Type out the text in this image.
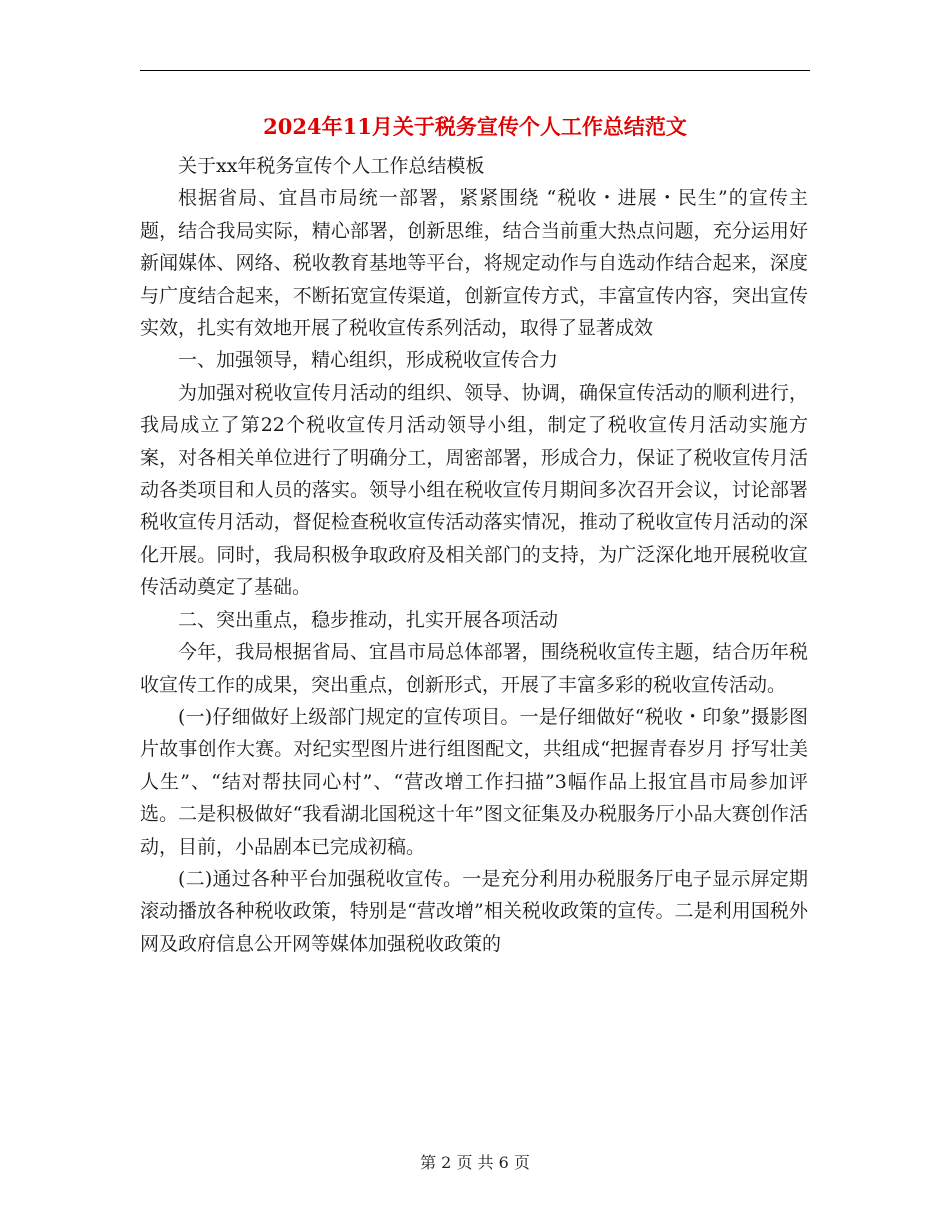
2024年11月关于税务宣传个人工作总结范文

关于xx年税务宣传个人工作总结模板

根据省局、宜昌市局统一部署，紧紧围绕 “税收・进展・民生”的宣传主题，结合我局实际，精心部署，创新思维，结合当前重大热点问题，充分运用好新闻媒体、网络、税收教育基地等平台，将规定动作与自选动作结合起来，深度与广度结合起来，不断拓宽宣传渠道，创新宣传方式，丰富宣传内容，突出宣传实效，扎实有效地开展了税收宣传系列活动，取得了显著成效

一、加强领导，精心组织，形成税收宣传合力

为加强对税收宣传月活动的组织、领导、协调，确保宣传活动的顺利进行，我局成立了第22个税收宣传月活动领导小组，制定了税收宣传月活动实施方案，对各相关单位进行了明确分工，周密部署，形成合力，保证了税收宣传月活动各类项目和人员的落实。领导小组在税收宣传月期间多次召开会议，讨论部署税收宣传月活动，督促检查税收宣传活动落实情况，推动了税收宣传月活动的深化开展。同时，我局积极争取政府及相关部门的支持，为广泛深化地开展税收宣传活动奠定了基础。

二、突出重点，稳步推动，扎实开展各项活动

今年，我局根据省局、宜昌市局总体部署，围绕税收宣传主题，结合历年税收宣传工作的成果，突出重点，创新形式，开展了丰富多彩的税收宣传活动。

(一)仔细做好上级部门规定的宣传项目。一是仔细做好“税收・印象”摄影图片故事创作大赛。对纪实型图片进行组图配文，共组成“把握青春岁月 抒写壮美人生”、“结对帮扶同心村”、“营改增工作扫描”3幅作品上报宜昌市局参加评选。二是积极做好“我看湖北国税这十年”图文征集及办税服务厅小品大赛创作活动，目前，小品剧本已完成初稿。

(二)通过各种平台加强税收宣传。一是充分利用办税服务厅电子显示屏定期滚动播放各种税收政策，特别是“营改增”相关税收政策的宣传。二是利用国税外网及政府信息公开网等媒体加强税收政策的

第 2 页 共 6 页
